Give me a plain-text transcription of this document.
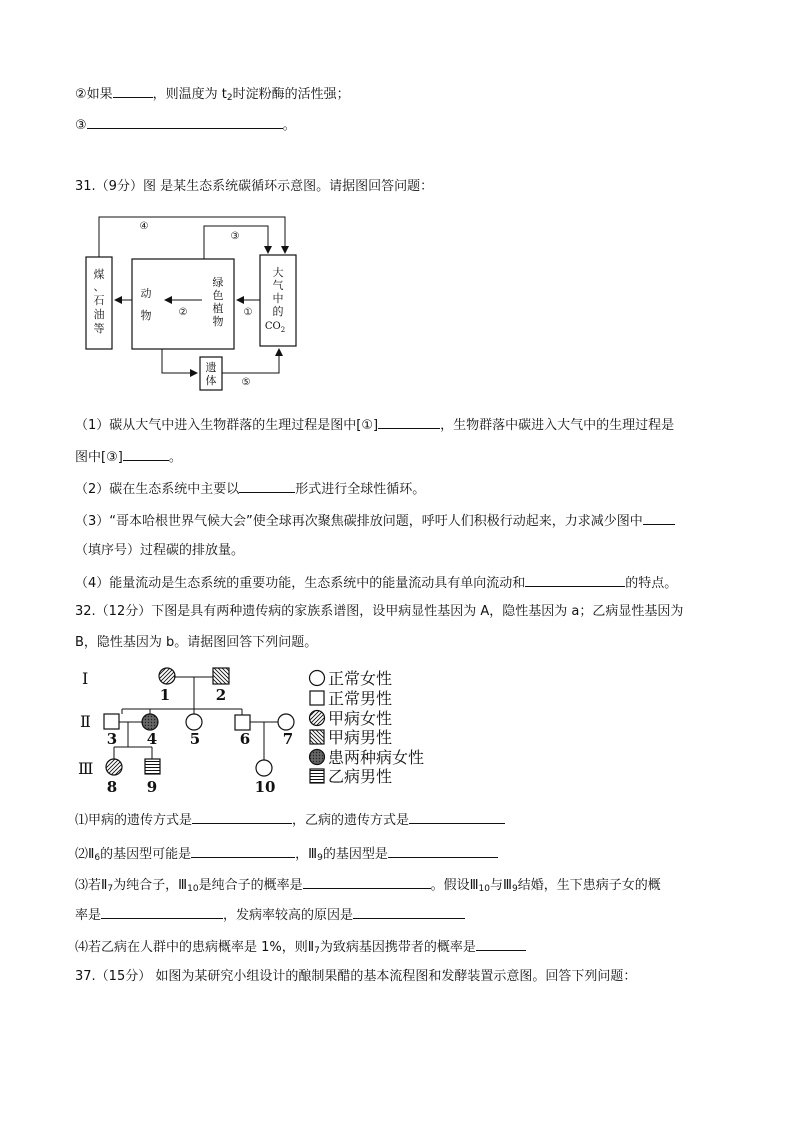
②如果	，则温度为 $t_2$时淀粉酶的活性强；
③	。
31.（9分）图 是某生态系统碳循环示意图。请据图回答问题：
煤
、
石
油
等
动
物
绿
色
植
物
大
气
中
的
$CO_2$
遗
体
④
③
①
②
⑤
（1）碳从大气中进入生物群落的生理过程是图中[①]	，生物群落中碳进入大气中的生理过程是
图中[③]	。
（2）碳在生态系统中主要以	形式进行全球性循环。
（3）“哥本哈根世界气候大会”使全球再次聚焦碳排放问题，呼吁人们积极行动起来，力求减少图中
（填序号）过程碳的排放量。
（4）能量流动是生态系统的重要功能，生态系统中的能量流动具有单向流动和	的特点。
32.（12分）下图是具有两种遗传病的家族系谱图，设甲病显性基因为 A，隐性基因为 a；乙病显性基因为
B，隐性基因为 b。请据图回答下列问题。
Ⅰ
Ⅱ
Ⅲ
1	2
3 4 5	6 7
8 9	10
正常女性
正常男性
甲病女性
甲病男性
患两种病女性
乙病男性
⑴甲病的遗传方式是	，乙病的遗传方式是
$⑵Ⅱ_6$的基因型可能是	，$Ⅲ_9$的基因型是
⑶若$Ⅱ_7$为纯合子，$Ⅲ_{10}$是纯合子的概率是	。假设$Ⅲ_{10}$与$Ⅲ_9$结婚，生下患病子女的概
率是	，发病率较高的原因是
⑷若乙病在人群中的患病概率是 1%，则$Ⅱ_7$为致病基因携带者的概率是
37.（15分） 如图为某研究小组设计的酿制果醋的基本流程图和发酵装置示意图。回答下列问题：
